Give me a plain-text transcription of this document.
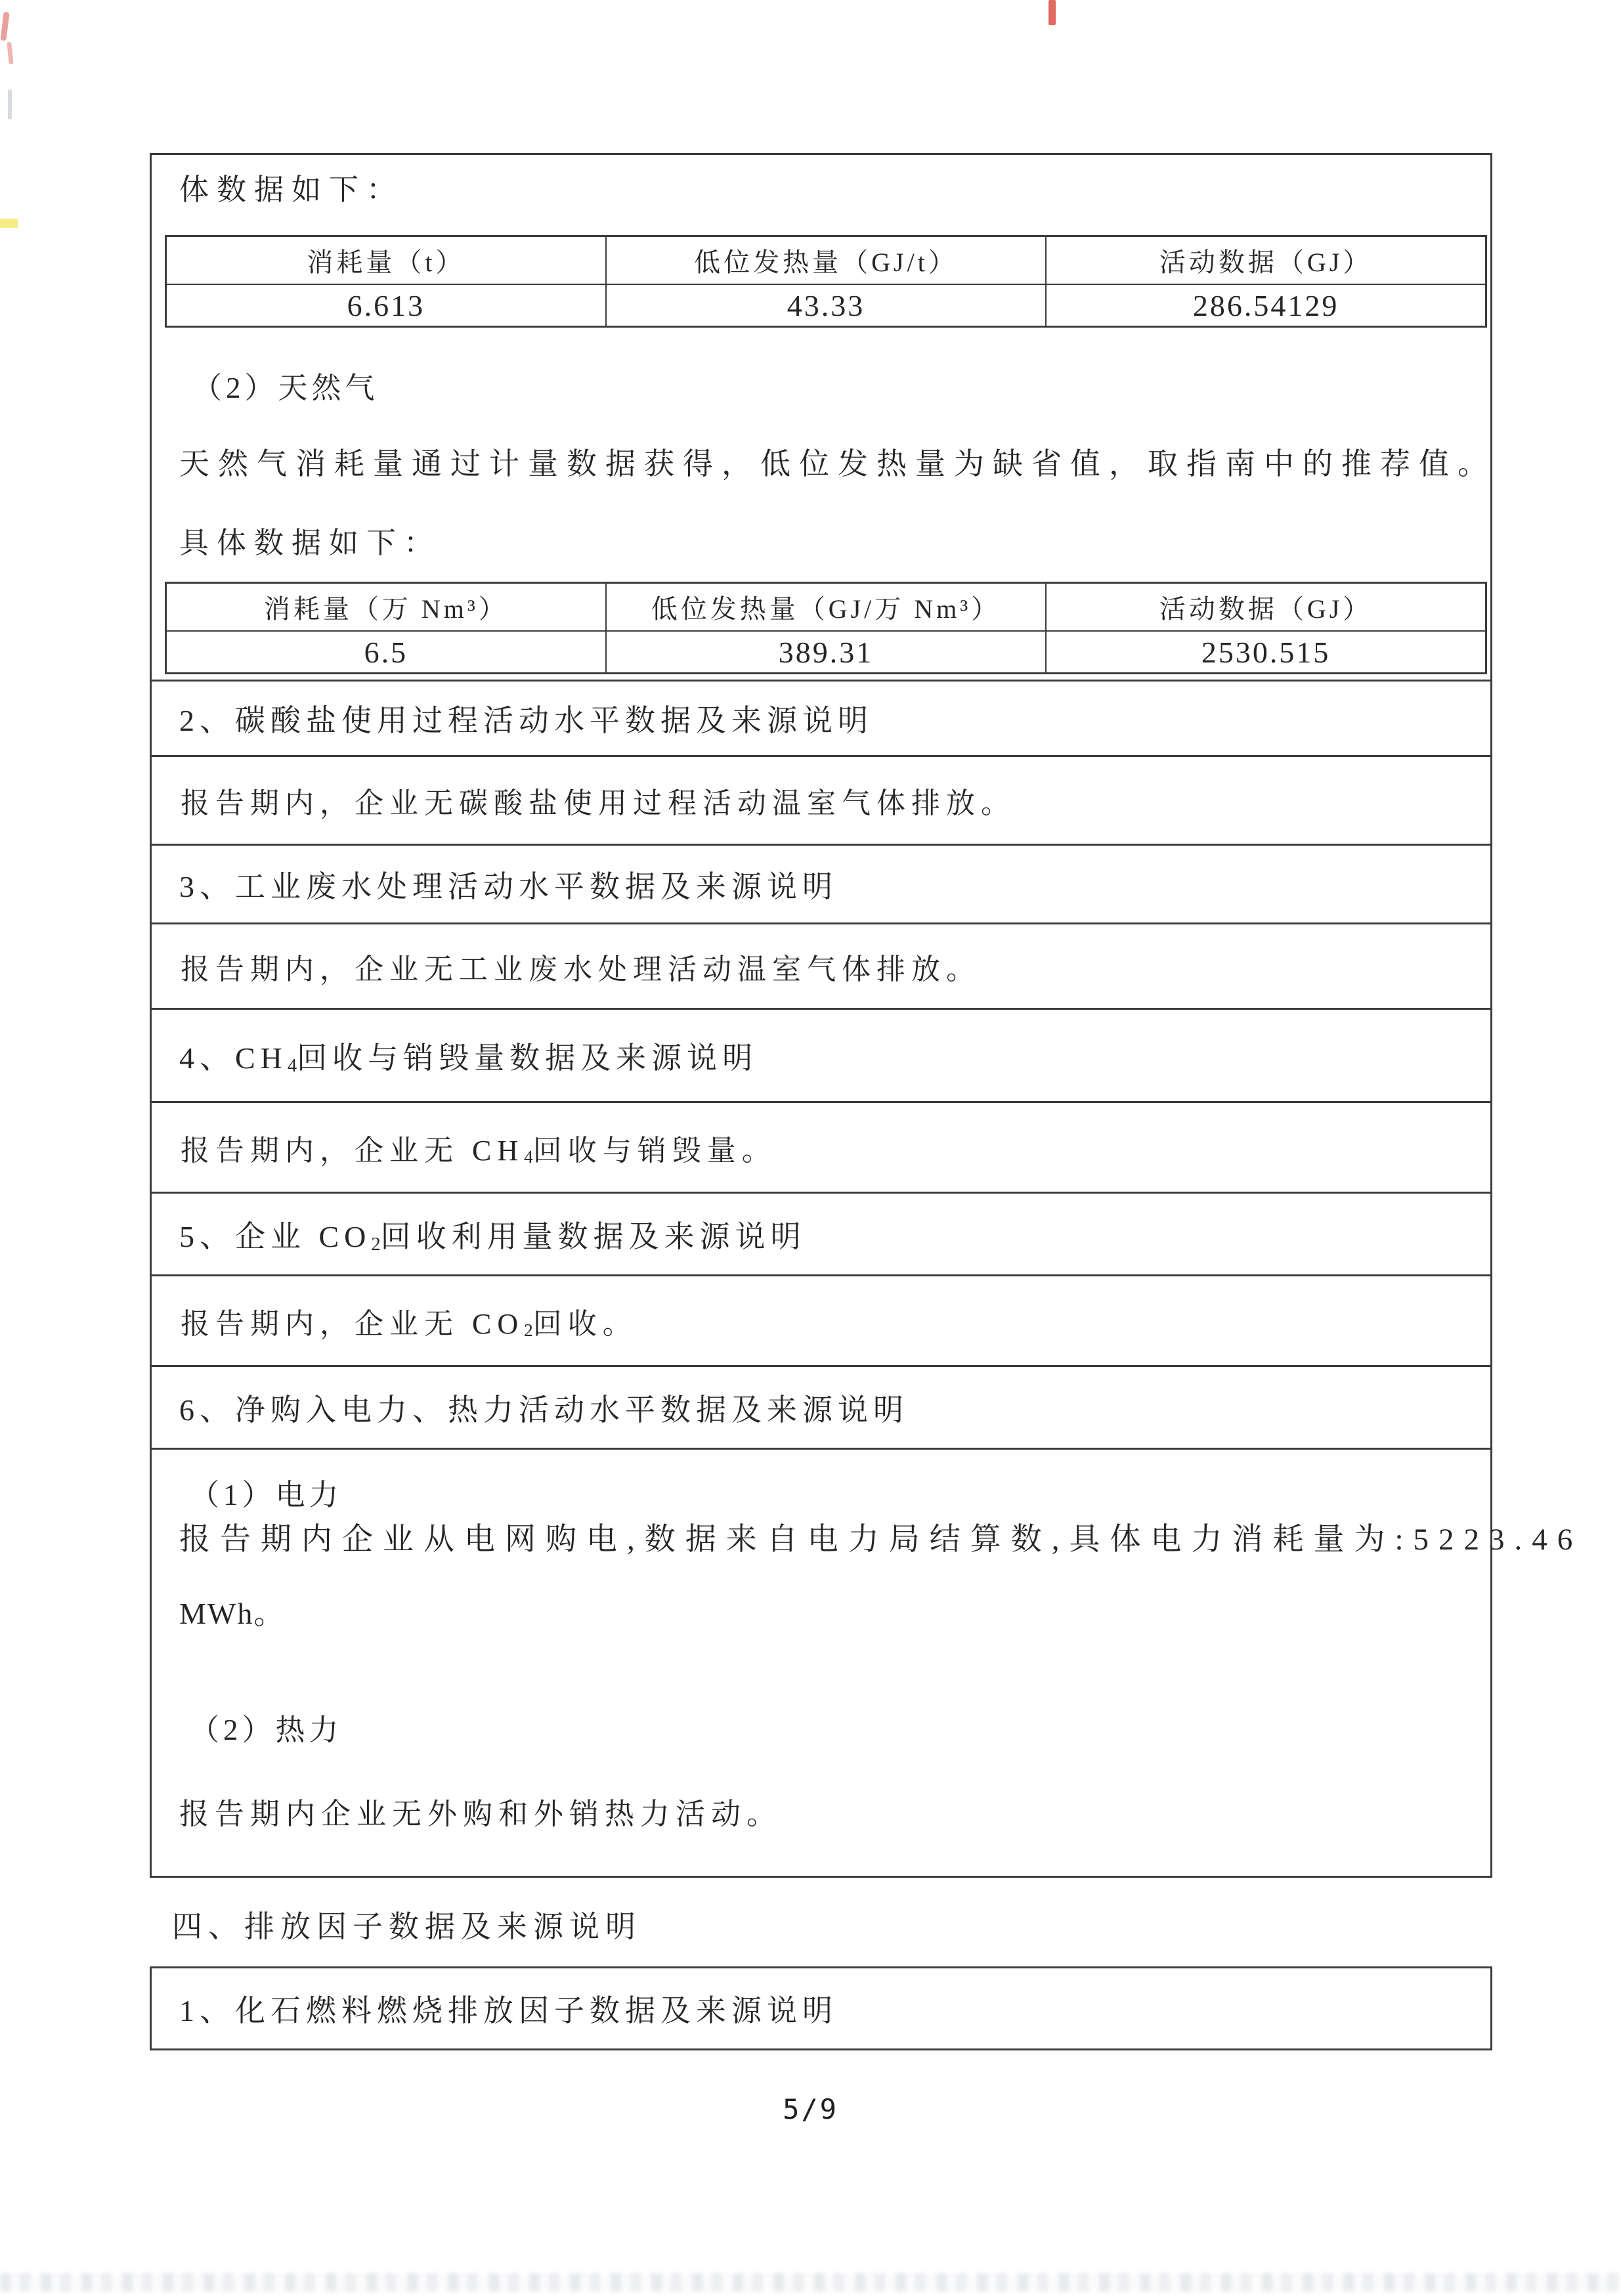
体数据如下：
消耗量（t）	低位发热量（GJ/t）	活动数据（GJ）
6.613	43.33	286.54129
（2）天然气
天然气消耗量通过计量数据获得，低位发热量为缺省值，取指南中的推荐值。
具体数据如下：
消耗量（万 Nm³）	低位发热量（GJ/万 Nm³）	活动数据（GJ）
6.5	389.31	2530.515
2、碳酸盐使用过程活动水平数据及来源说明
报告期内，企业无碳酸盐使用过程活动温室气体排放。
3、工业废水处理活动水平数据及来源说明
报告期内，企业无工业废水处理活动温室气体排放。
4、$CH_4$回收与销毁量数据及来源说明
报告期内，企业无 $CH_4$回收与销毁量。
5、企业 $CO_2$回收利用量数据及来源说明
报告期内，企业无 $CO_2$回收。
6、净购入电力、热力活动水平数据及来源说明
（1）电力
报告期内企业从电网购电,数据来自电力局结算数,具体电力消耗量为:5223.46
MWh。
（2）热力
报告期内企业无外购和外销热力活动。
四、排放因子数据及来源说明
1、化石燃料燃烧排放因子数据及来源说明
5/9
